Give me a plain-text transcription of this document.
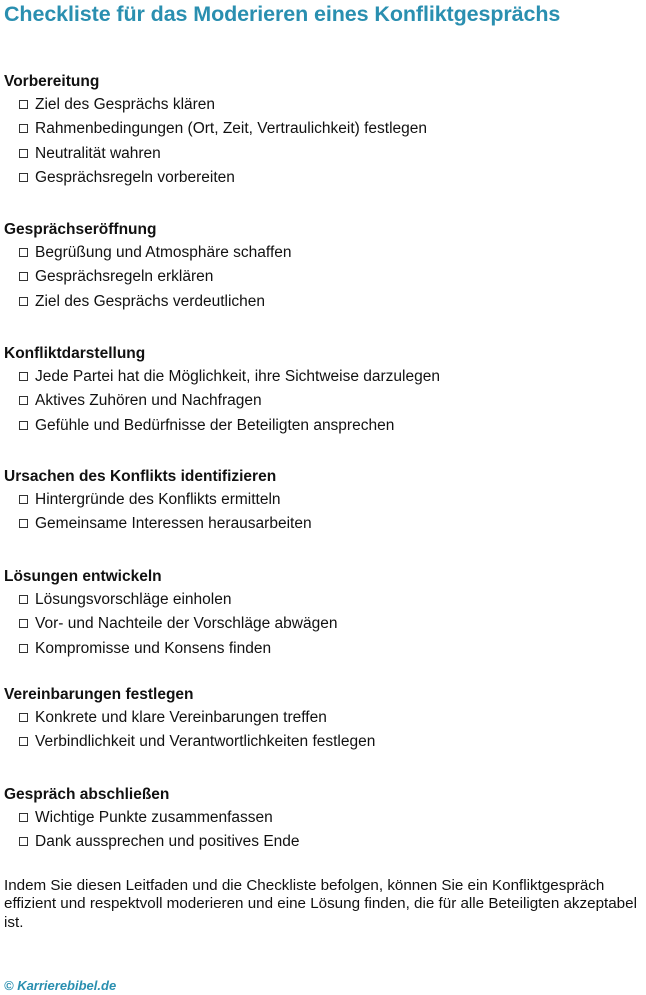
Checkliste für das Moderieren eines Konfliktgesprächs
Vorbereitung
Ziel des Gesprächs klären
Rahmenbedingungen (Ort, Zeit, Vertraulichkeit) festlegen
Neutralität wahren
Gesprächsregeln vorbereiten
Gesprächseröffnung
Begrüßung und Atmosphäre schaffen
Gesprächsregeln erklären
Ziel des Gesprächs verdeutlichen
Konfliktdarstellung
Jede Partei hat die Möglichkeit, ihre Sichtweise darzulegen
Aktives Zuhören und Nachfragen
Gefühle und Bedürfnisse der Beteiligten ansprechen
Ursachen des Konflikts identifizieren
Hintergründe des Konflikts ermitteln
Gemeinsame Interessen herausarbeiten
Lösungen entwickeln
Lösungsvorschläge einholen
Vor- und Nachteile der Vorschläge abwägen
Kompromisse und Konsens finden
Vereinbarungen festlegen
Konkrete und klare Vereinbarungen treffen
Verbindlichkeit und Verantwortlichkeiten festlegen
Gespräch abschließen
Wichtige Punkte zusammenfassen
Dank aussprechen und positives Ende

Indem Sie diesen Leitfaden und die Checkliste befolgen, können Sie ein Konfliktgespräch effizient und respektvoll moderieren und eine Lösung finden, die für alle Beteiligten akzeptabel ist.

© Karrierebibel.de
